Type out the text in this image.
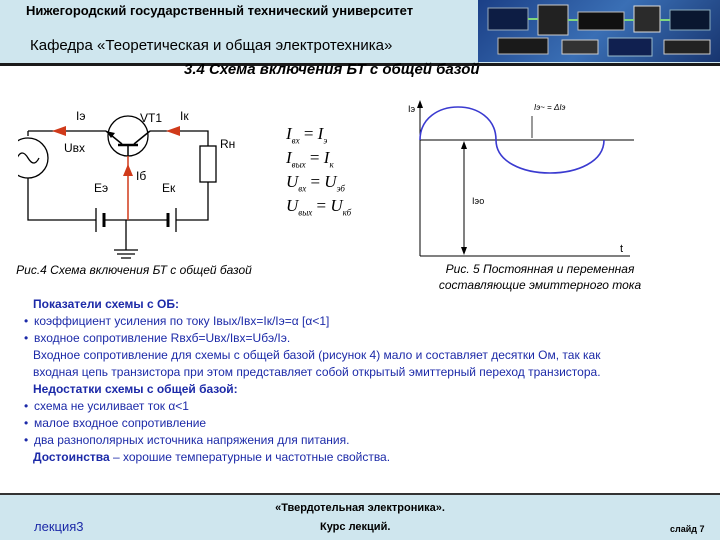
Нижегородский государственный технический университет
Кафедра «Теоретическая и общая электротехника»
3.4 Схема включения БТ с общей базой
Iэ	VT1 Iк
Uвх	Rн
Iб
Eэ	Eк
Рис.4 Схема включения БТ с общей базой
$I_{вх} = I_э$
$I_{вых} = I_к$
$U_{вх} = U_{эб}$
$U_{вых} = U_{кб}$
Iэ	Iэ~ = ΔIэ
Iэо
t
Рис. 5 Постоянная и переменная составляющие эмиттерного тока
Показатели схемы с ОБ:
• коэффициент усиления по току Iвых/Iвх=Iк/Iэ=α [α<1]
• входное сопротивление Rвхб=Uвх/Iвх=Uбэ/Iэ.
Входное сопротивление для схемы с общей базой (рисунок 4) мало и составляет десятки Ом, так как
входная цепь транзистора при этом представляет собой открытый эмиттерный переход транзистора.
Недостатки схемы с общей базой:
• схема не усиливает ток α<1
• малое входное сопротивление
• два разнополярных источника напряжения для питания.
Достоинства – хорошие температурные и частотные свойства.
«Твердотельная электроника».
лекция3	Курс лекций.	слайд 7
